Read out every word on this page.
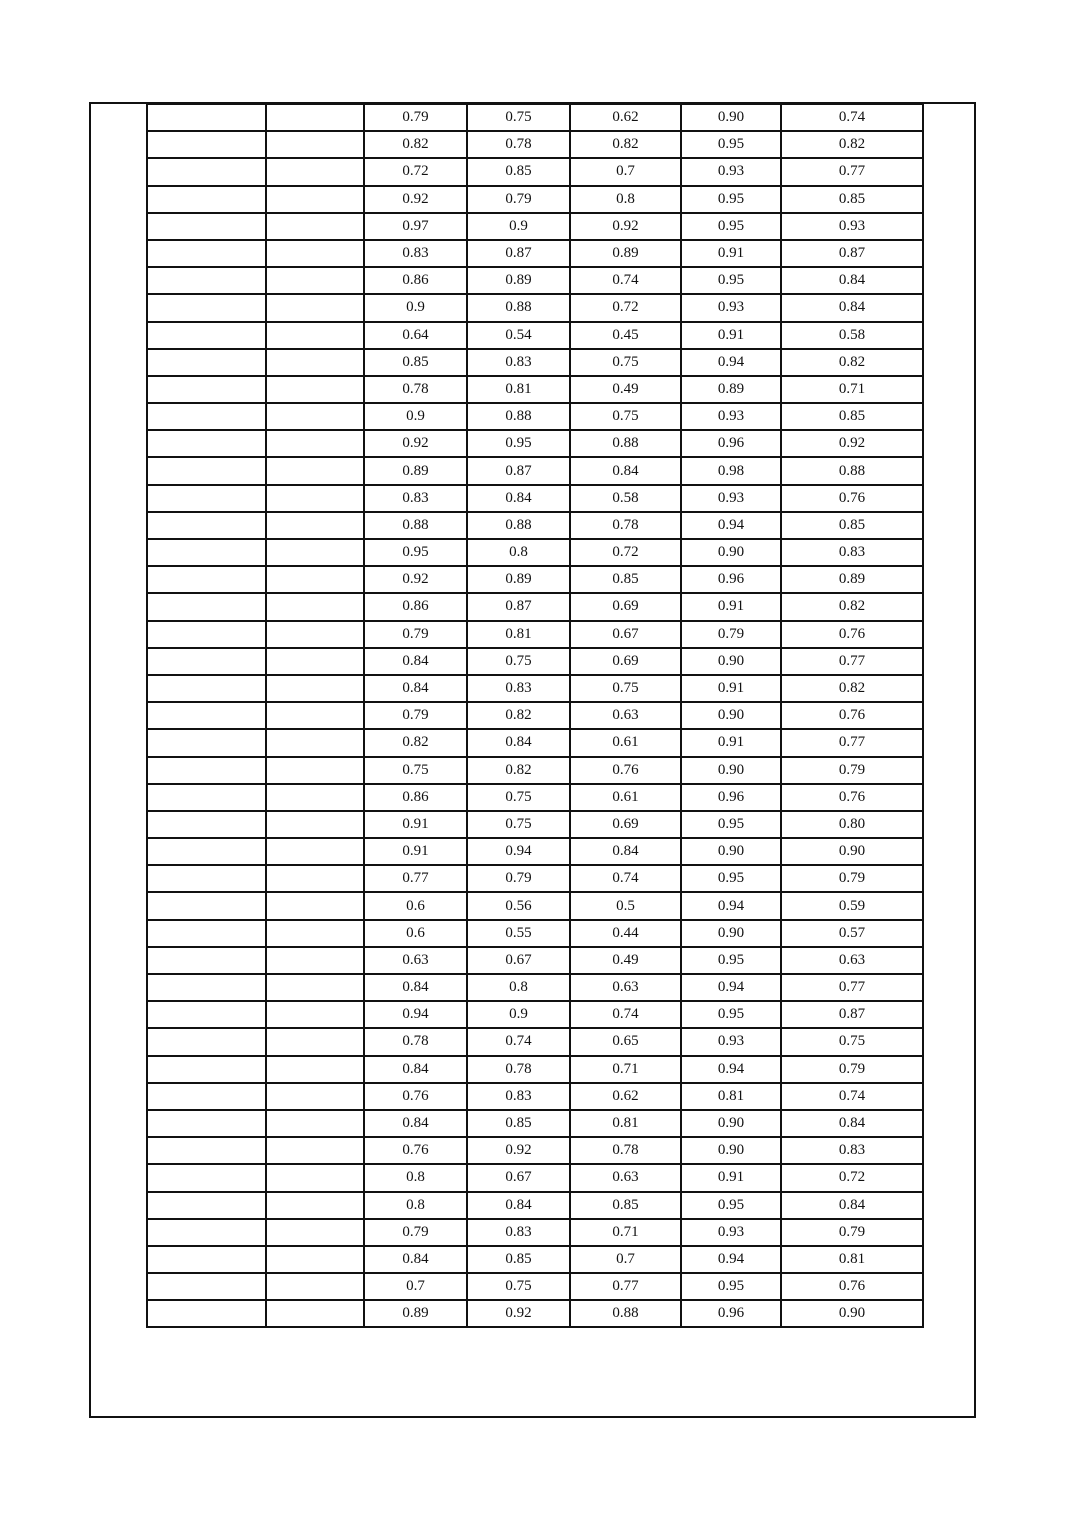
		0.79	0.75	0.62	0.90	0.74
		0.82	0.78	0.82	0.95	0.82
		0.72	0.85	0.7	0.93	0.77
		0.92	0.79	0.8	0.95	0.85
		0.97	0.9	0.92	0.95	0.93
		0.83	0.87	0.89	0.91	0.87
		0.86	0.89	0.74	0.95	0.84
		0.9	0.88	0.72	0.93	0.84
		0.64	0.54	0.45	0.91	0.58
		0.85	0.83	0.75	0.94	0.82
		0.78	0.81	0.49	0.89	0.71
		0.9	0.88	0.75	0.93	0.85
		0.92	0.95	0.88	0.96	0.92
		0.89	0.87	0.84	0.98	0.88
		0.83	0.84	0.58	0.93	0.76
		0.88	0.88	0.78	0.94	0.85
		0.95	0.8	0.72	0.90	0.83
		0.92	0.89	0.85	0.96	0.89
		0.86	0.87	0.69	0.91	0.82
		0.79	0.81	0.67	0.79	0.76
		0.84	0.75	0.69	0.90	0.77
		0.84	0.83	0.75	0.91	0.82
		0.79	0.82	0.63	0.90	0.76
		0.82	0.84	0.61	0.91	0.77
		0.75	0.82	0.76	0.90	0.79
		0.86	0.75	0.61	0.96	0.76
		0.91	0.75	0.69	0.95	0.80
		0.91	0.94	0.84	0.90	0.90
		0.77	0.79	0.74	0.95	0.79
		0.6	0.56	0.5	0.94	0.59
		0.6	0.55	0.44	0.90	0.57
		0.63	0.67	0.49	0.95	0.63
		0.84	0.8	0.63	0.94	0.77
		0.94	0.9	0.74	0.95	0.87
		0.78	0.74	0.65	0.93	0.75
		0.84	0.78	0.71	0.94	0.79
		0.76	0.83	0.62	0.81	0.74
		0.84	0.85	0.81	0.90	0.84
		0.76	0.92	0.78	0.90	0.83
		0.8	0.67	0.63	0.91	0.72
		0.8	0.84	0.85	0.95	0.84
		0.79	0.83	0.71	0.93	0.79
		0.84	0.85	0.7	0.94	0.81
		0.7	0.75	0.77	0.95	0.76
		0.89	0.92	0.88	0.96	0.90
